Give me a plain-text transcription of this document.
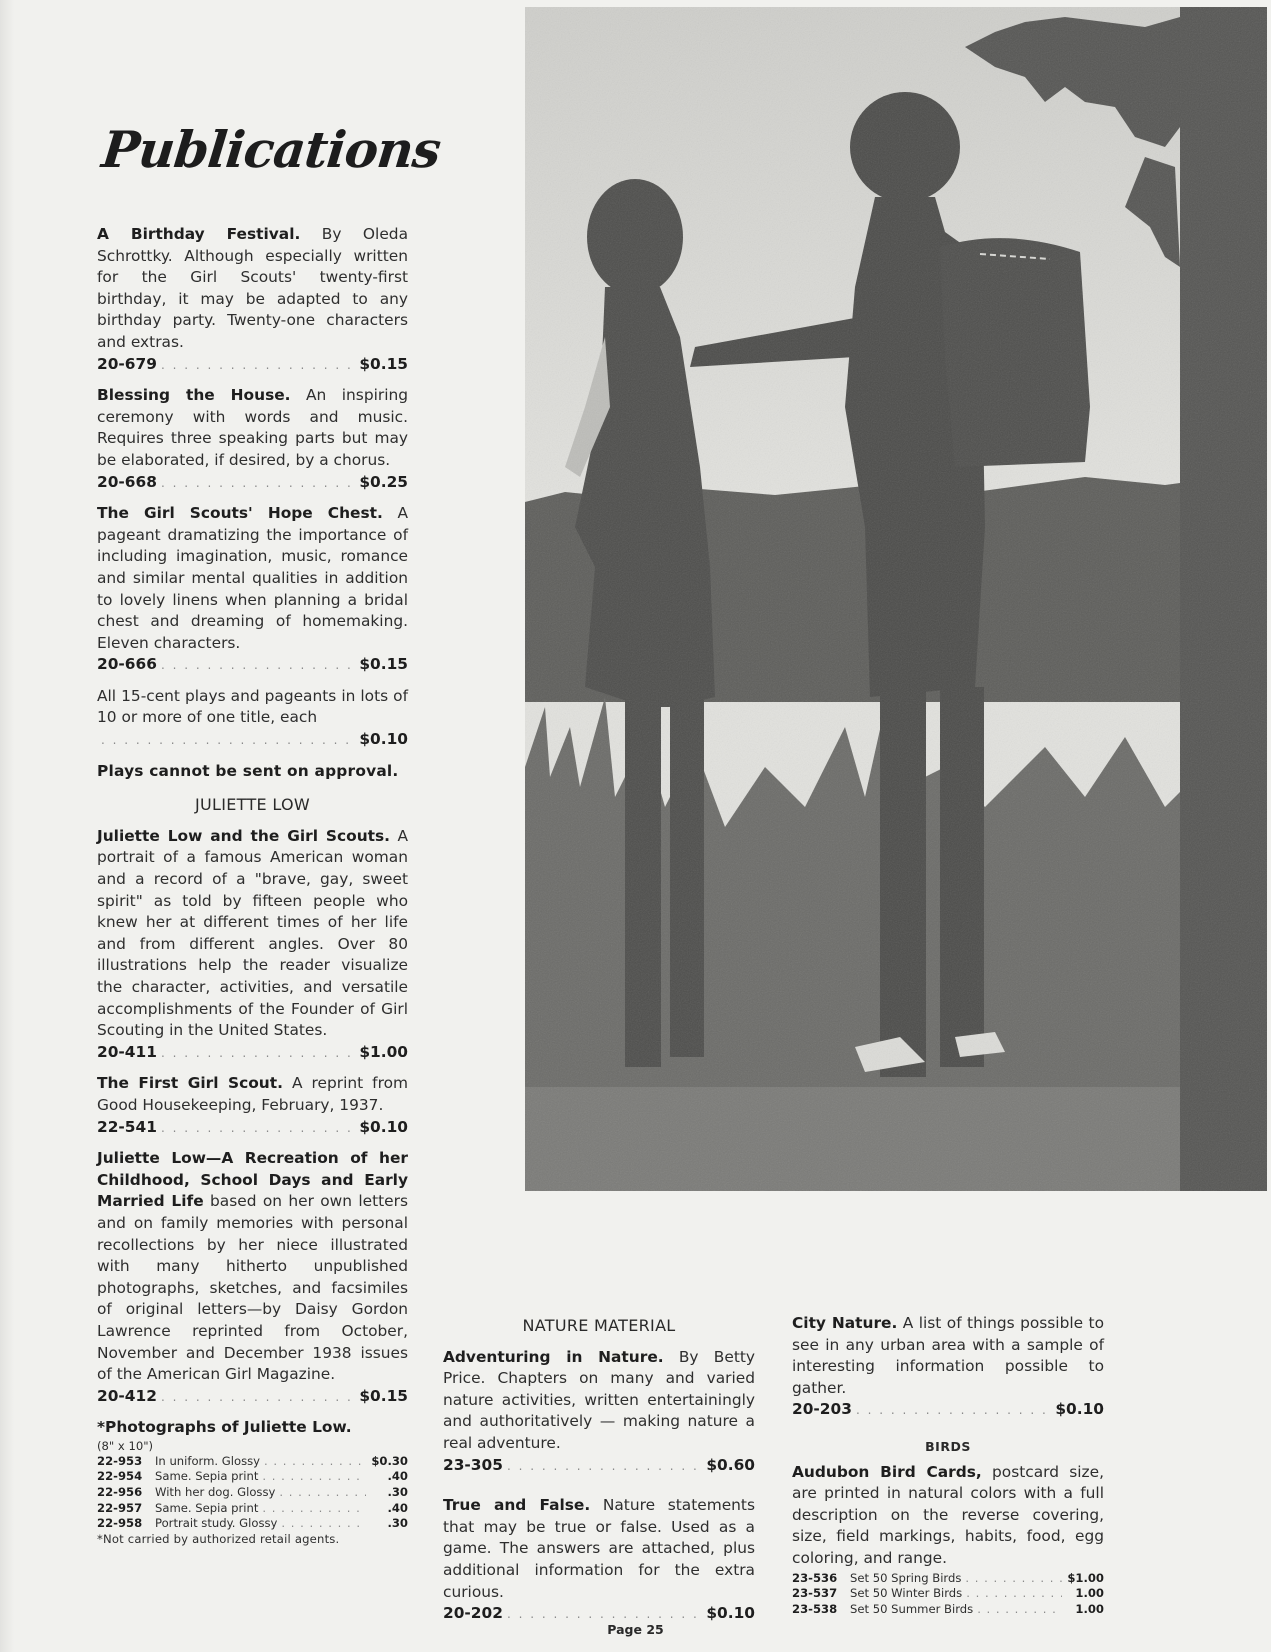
Publications
A Birthday Festival. By Oleda Schrottky. Although especially written for the Girl Scouts' twenty-first birthday, it may be adapted to any birthday party. Twenty-one characters and extras.
20-679 . . .	$0.15
Blessing the House. An inspiring ceremony with words and music. Requires three speaking parts but may be elaborated, if desired, by a chorus.
20-668 . . .	$0.25
The Girl Scouts' Hope Chest. A pageant dramatizing the importance of including imagination, music, romance and similar mental qualities in addition to lovely linens when planning a bridal chest and dreaming of homemaking. Eleven characters.
20-666 . . .	$0.15
All 15-cent plays and pageants in lots of 10 or more of one title, each
. . .
$0.10
Plays cannot be sent on approval.
JULIETTE LOW
Juliette Low and the Girl Scouts. A portrait of a famous American woman and a record of a "brave, gay, sweet spirit" as told by fifteen people who knew her at different times of her life and from different angles. Over 80 illustrations help the reader visualize the character, activities, and versatile accomplishments of the Founder of Girl Scouting in the United States.
20-411 . . .	$1.00
The First Girl Scout. A reprint from Good Housekeeping, February, 1937.
22-541 . . .	$0.10
Juliette Low—A Recreation of her Childhood, School Days and Early Married Life based on her own letters and on family memories with personal recollections by her niece illustrated with many hitherto unpublished photographs, sketches, and facsimiles of original letters—by Daisy Gordon Lawrence reprinted from October, November and December 1938 issues of the American Girl Magazine.
20-412 . . .	$0.15
*Photographs of Juliette Low.
(8" x 10")
22-953	In uniform. Glossy . . .	$0.30
22-954	Same. Sepia print . . .	.40
22-956	With her dog. Glossy . . .	.30
22-957	Same. Sepia print . . .	.40
22-958	Portrait study. Glossy . . .	.30
*Not carried by authorized retail agents.
NATURE MATERIAL
Adventuring in Nature. By Betty Price. Chapters on many and varied nature activities, written entertainingly and authoritatively — making nature a real adventure.
23-305 . . .	$0.60
True and False. Nature statements that may be true or false. Used as a game. The answers are attached, plus additional information for the extra curious.
20-202 . . .	$0.10
City Nature. A list of things possible to see in any urban area with a sample of interesting information possible to gather.
20-203 . . .	$0.10
BIRDS
Audubon Bird Cards, postcard size, are printed in natural colors with a full description on the reverse covering, size, field markings, habits, food, egg coloring, and range.
23-536	Set 50 Spring Birds . . .	$1.00
23-537	Set 50 Winter Birds . . .	1.00
23-538	Set 50 Summer Birds . . .	1.00
Page 25
